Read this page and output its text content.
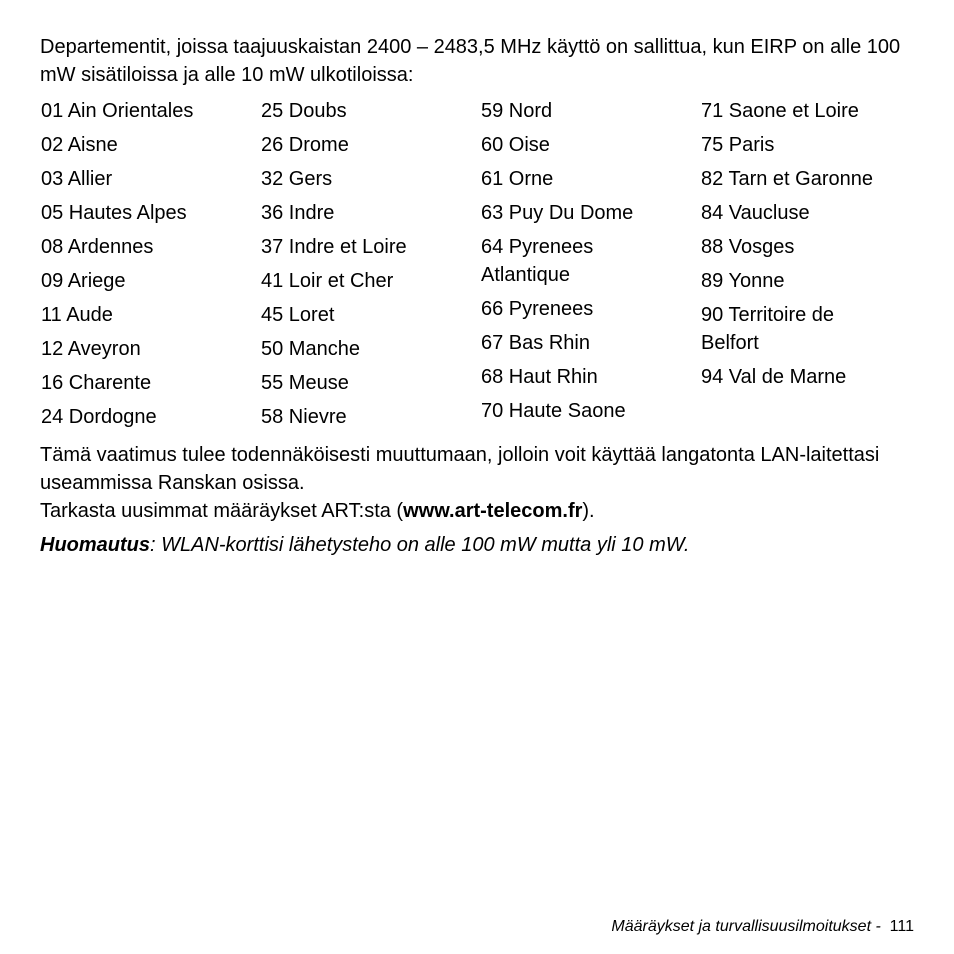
Departementit, joissa taajuuskaistan 2400 – 2483,5 MHz käyttö on sallittua, kun EIRP on alle 100 mW sisätiloissa ja alle 10 mW ulkotiloissa:

01 Ain Orientales
02 Aisne
03 Allier
05 Hautes Alpes
08 Ardennes
09 Ariege
11 Aude
12 Aveyron
16 Charente
24 Dordogne
25 Doubs
26 Drome
32 Gers
36 Indre
37 Indre et Loire
41 Loir et Cher
45 Loret
50 Manche
55 Meuse
58 Nievre
59 Nord
60 Oise
61 Orne
63 Puy Du Dome
64 Pyrenees
Atlantique
66 Pyrenees
67 Bas Rhin
68 Haut Rhin
70 Haute Saone
71 Saone et Loire
75 Paris
82 Tarn et Garonne
84 Vaucluse
88 Vosges
89 Yonne
90 Territoire de
Belfort
94 Val de Marne

Tämä vaatimus tulee todennäköisesti muuttumaan, jolloin voit käyttää langatonta LAN-laitettasi useammissa Ranskan osissa.
Tarkasta uusimmat määräykset ART:sta (www.art-telecom.fr).

Huomautus: WLAN-korttisi lähetysteho on alle 100 mW mutta yli 10 mW.

Määräykset ja turvallisuusilmoitukset -  111
